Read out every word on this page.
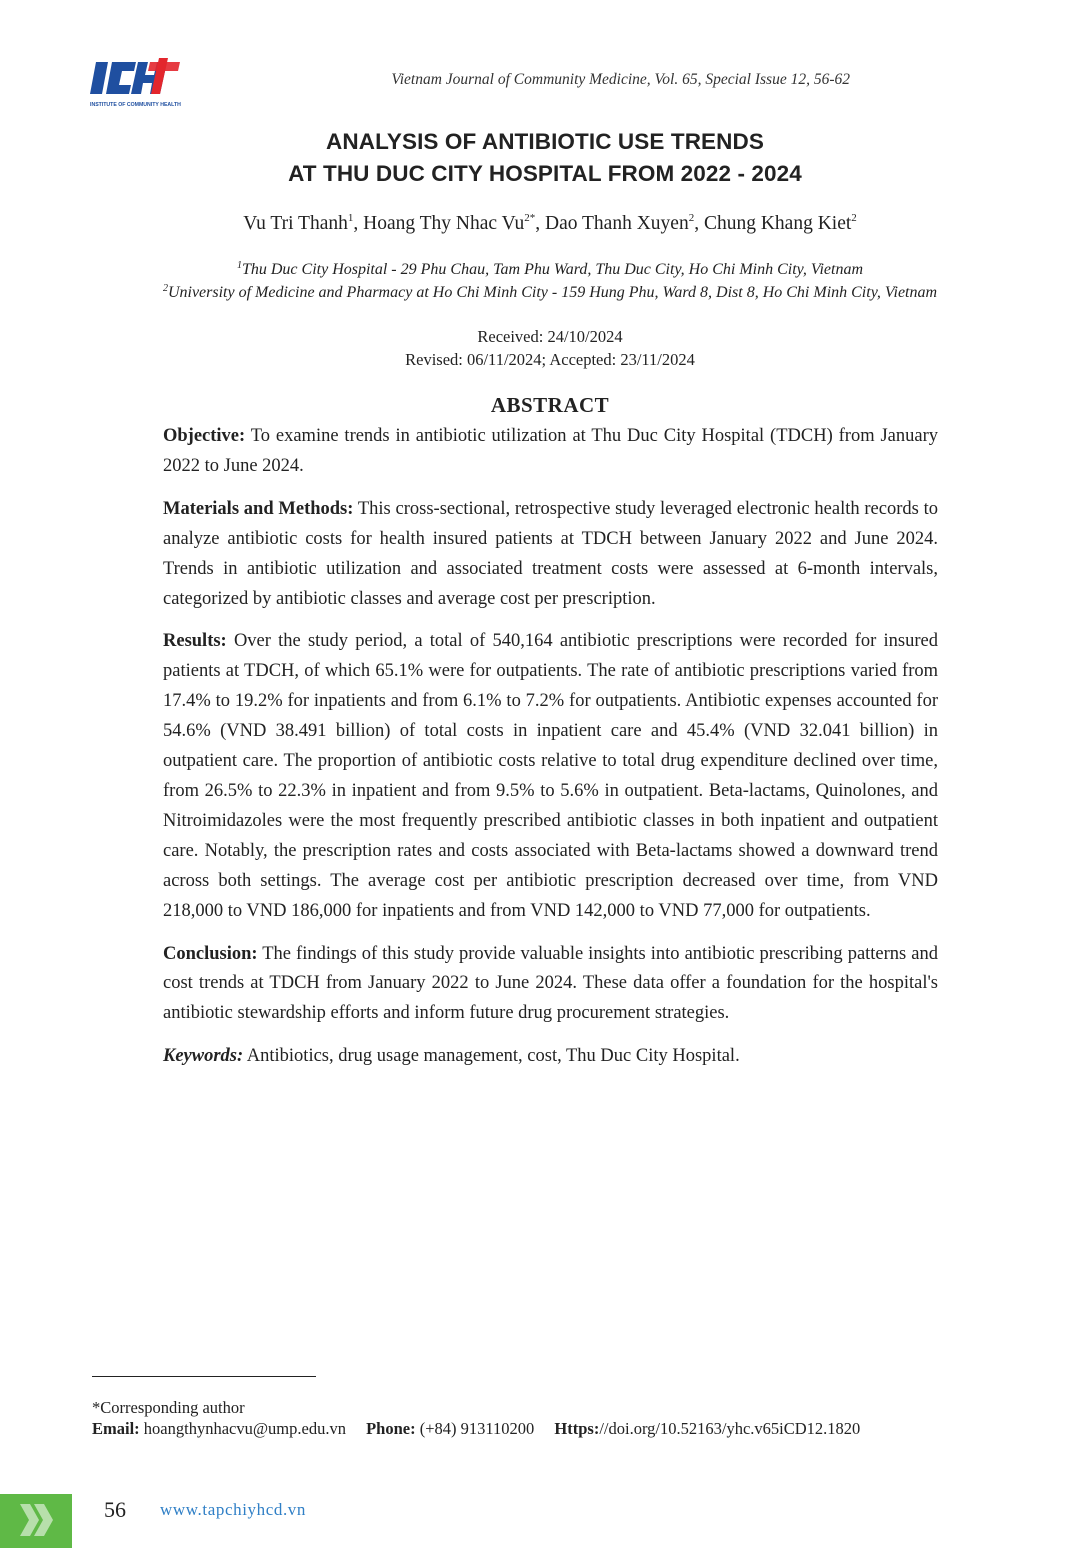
INSTITUTE OF COMMUNITY HEALTH
Vietnam Journal of Community Medicine, Vol. 65, Special Issue 12, 56-62
ANALYSIS OF ANTIBIOTIC USE TRENDS
AT THU DUC CITY HOSPITAL FROM 2022 - 2024
Vu Tri Thanh$^1$, Hoang Thy Nhac $Vu^{2*}$, Dao Thanh Xuyen$^2$, Chung Khang Kiet$^2$
$^1$Thu Duc City Hospital - 29 Phu Chau, Tam Phu Ward, Thu Duc City, Ho Chi Minh City, Vietnam
$^2$University of Medicine and Pharmacy at Ho Chi Minh City - 159 Hung Phu, Ward 8, Dist 8, Ho Chi Minh City, Vietnam
Received: 24/10/2024
Revised: 06/11/2024; Accepted: 23/11/2024
ABSTRACT

Objective: To examine trends in antibiotic utilization at Thu Duc City Hospital (TDCH) from January 2022 to June 2024.

Materials and Methods: This cross-sectional, retrospective study leveraged electronic health records to analyze antibiotic costs for health insured patients at TDCH between January 2022 and June 2024. Trends in antibiotic utilization and associated treatment costs were assessed at 6-month intervals, categorized by antibiotic classes and average cost per prescription.

Results: Over the study period, a total of 540,164 antibiotic prescriptions were recorded for insured patients at TDCH, of which 65.1% were for outpatients. The rate of antibiotic prescriptions varied from 17.4% to 19.2% for inpatients and from 6.1% to 7.2% for outpatients. Antibiotic expenses accounted for 54.6% (VND 38.491 billion) of total costs in inpatient care and 45.4% (VND 32.041 billion) in outpatient care. The proportion of antibiotic costs relative to total drug expenditure declined over time, from 26.5% to 22.3% in inpatient and from 9.5% to 5.6% in outpatient. Beta-lactams, Quinolones, and Nitroimidazoles were the most frequently prescribed antibiotic classes in both inpatient and outpatient care. Notably, the prescription rates and costs associated with Beta-lactams showed a downward trend across both settings. The average cost per antibiotic prescription decreased over time, from VND 218,000 to VND 186,000 for inpatients and from VND 142,000 to VND 77,000 for outpatients.

Conclusion: The findings of this study provide valuable insights into antibiotic prescribing patterns and cost trends at TDCH from January 2022 to June 2024. These data offer a foundation for the hospital's antibiotic stewardship efforts and inform future drug procurement strategies.

Keywords: Antibiotics, drug usage management, cost, Thu Duc City Hospital.

*Corresponding author
Email: hoangthynhacvu@ump.edu.vn Phone: (+84) 913110200 Https://doi.org/10.52163/yhc.v65iCD12.1820
56 www.tapchiyhcd.vn
